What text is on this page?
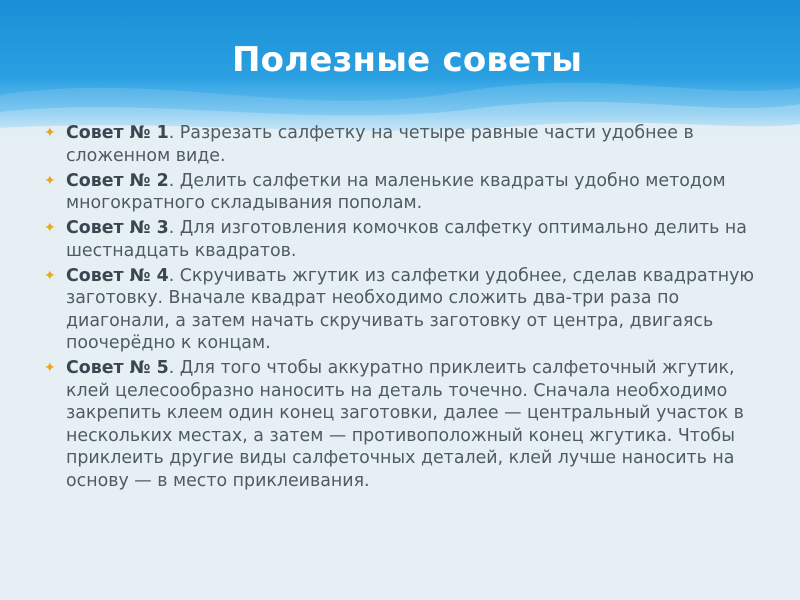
Полезные советы
✦ Совет № 1. Разрезать салфетку на четыре равные части удобнее в сложенном виде.
✦ Совет № 2. Делить салфетки на маленькие квадраты удобно методом многократного складывания пополам.
✦ Совет № 3. Для изготовления комочков салфетку оптимально делить на шестнадцать квадратов.
✦ Совет № 4. Скручивать жгутик из салфетки удобнее, сделав квадратную заготовку. Вначале квадрат необходимо сложить два-три раза по диагонали, а затем начать скручивать заготовку от центра, двигаясь поочерёдно к концам.
✦ Совет № 5. Для того чтобы аккуратно приклеить салфеточный жгутик, клей целесообразно наносить на деталь точечно. Сначала необходимо закрепить клеем один конец заготовки, далее — центральный участок в нескольких местах, а затем — противоположный конец жгутика. Чтобы приклеить другие виды салфеточных деталей, клей лучше наносить на основу — в место приклеивания.
